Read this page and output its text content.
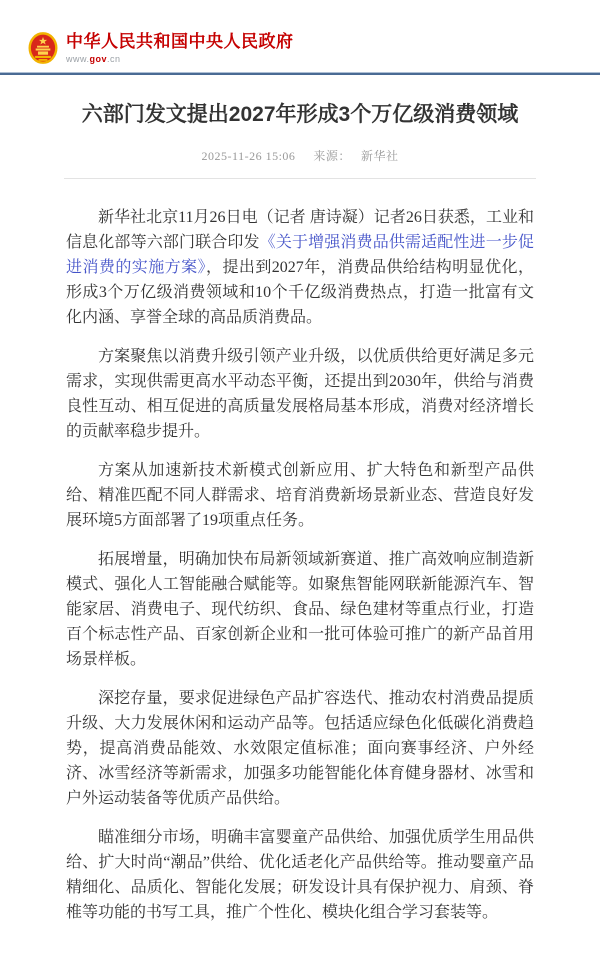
中华人民共和国中央人民政府
www.gov.cn
六部门发文提出2027年形成3个万亿级消费领域
2025-11-26 15:06 来源： 新华社

新华社北京11月26日电（记者 唐诗凝）记者26日获悉，工业和信息化部等六部门联合印发《关于增强消费品供需适配性进一步促进消费的实施方案》，提出到2027年，消费品供给结构明显优化，形成3个万亿级消费领域和10个千亿级消费热点，打造一批富有文化内涵、享誉全球的高品质消费品。

方案聚焦以消费升级引领产业升级，以优质供给更好满足多元需求，实现供需更高水平动态平衡，还提出到2030年，供给与消费良性互动、相互促进的高质量发展格局基本形成，消费对经济增长的贡献率稳步提升。

方案从加速新技术新模式创新应用、扩大特色和新型产品供给、精准匹配不同人群需求、培育消费新场景新业态、营造良好发展环境5方面部署了19项重点任务。

拓展增量，明确加快布局新领域新赛道、推广高效响应制造新模式、强化人工智能融合赋能等。如聚焦智能网联新能源汽车、智能家居、消费电子、现代纺织、食品、绿色建材等重点行业，打造百个标志性产品、百家创新企业和一批可体验可推广的新产品首用场景样板。

深挖存量，要求促进绿色产品扩容迭代、推动农村消费品提质升级、大力发展休闲和运动产品等。包括适应绿色化低碳化消费趋势，提高消费品能效、水效限定值标准；面向赛事经济、户外经济、冰雪经济等新需求，加强多功能智能化体育健身器材、冰雪和户外运动装备等优质产品供给。

瞄准细分市场，明确丰富婴童产品供给、加强优质学生用品供给、扩大时尚“潮品”供给、优化适老化产品供给等。推动婴童产品精细化、品质化、智能化发展；研发设计具有保护视力、肩颈、脊椎等功能的书写工具，推广个性化、模块化组合学习套装等。
